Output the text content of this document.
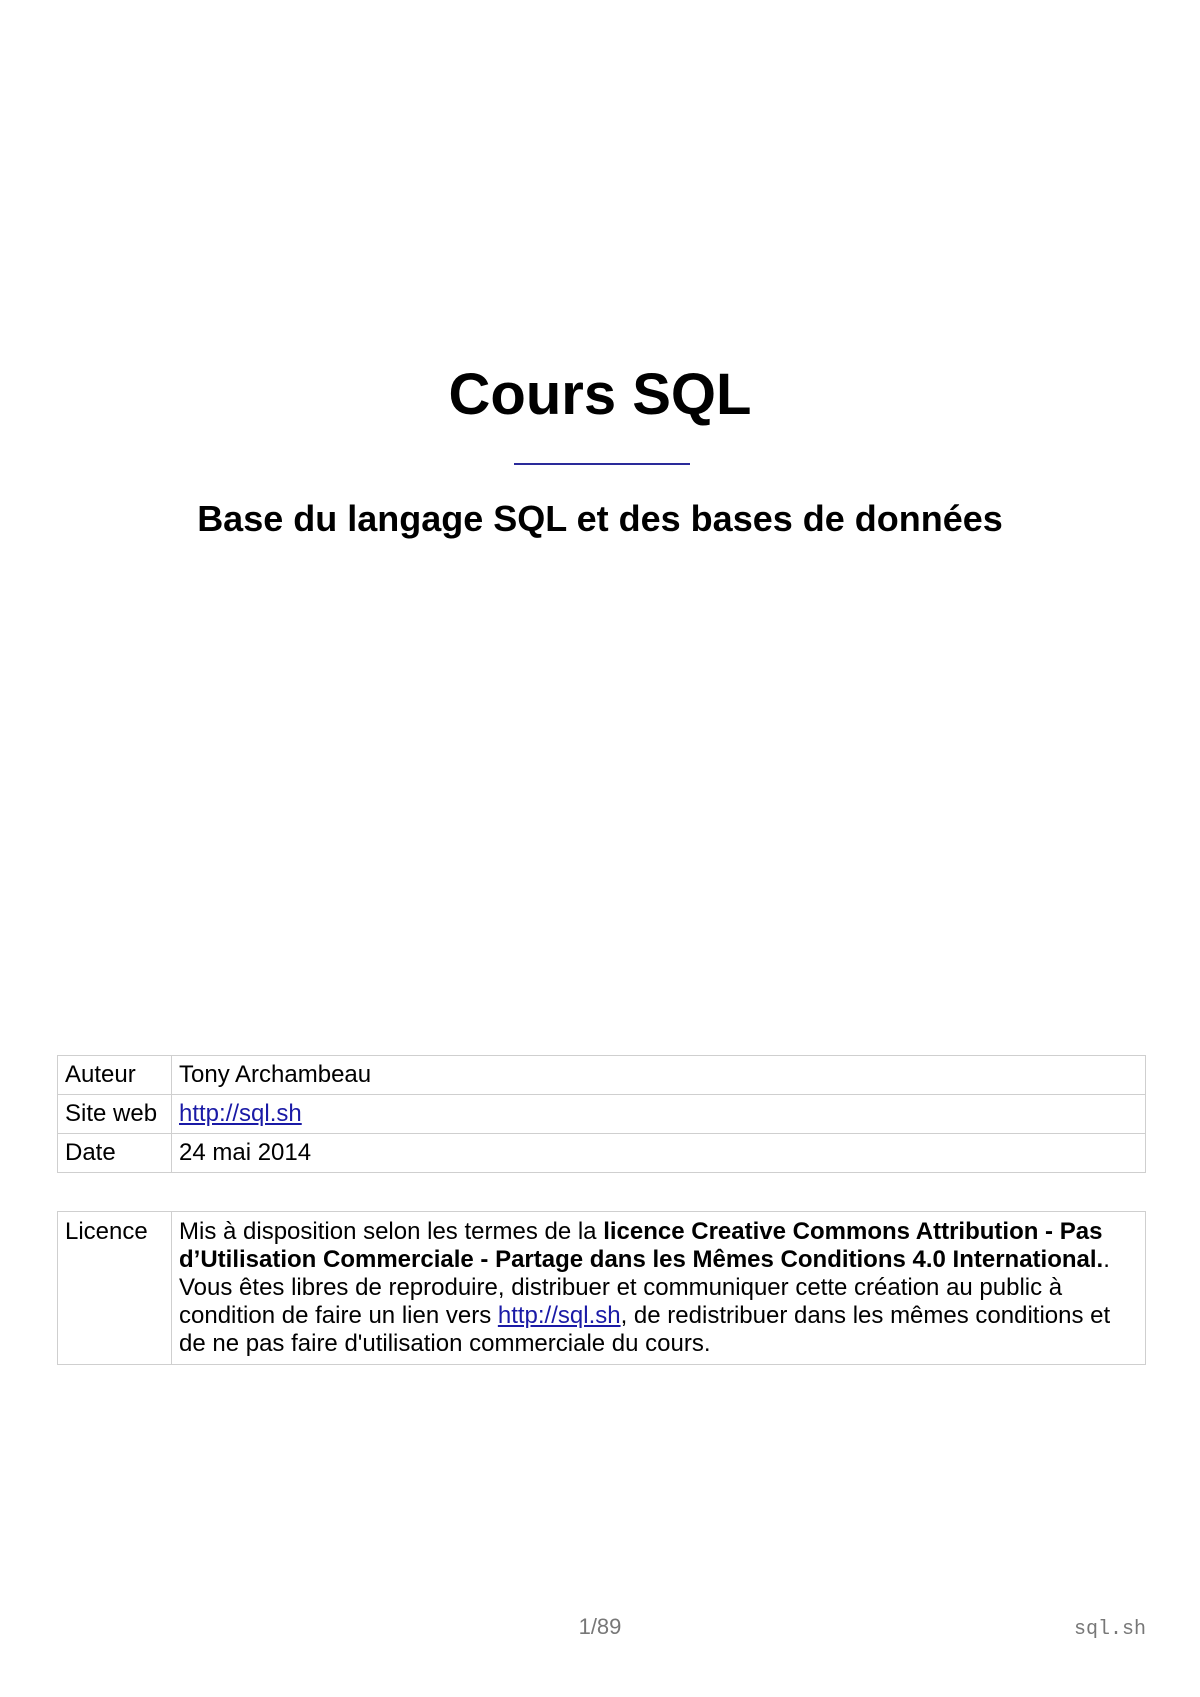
Cours SQL
Base du langage SQL et des bases de données
Auteur	Tony Archambeau
Site web	http://sql.sh
Date	24 mai 2014
Licence	Mis à disposition selon les termes de la licence Creative Commons Attribution - Pas d’Utilisation Commerciale - Partage dans les Mêmes Conditions 4.0 International.. Vous êtes libres de reproduire, distribuer et communiquer cette création au public à condition de faire un lien vers http://sql.sh, de redistribuer dans les mêmes conditions et de ne pas faire d'utilisation commerciale du cours.
1/89	sql.sh
